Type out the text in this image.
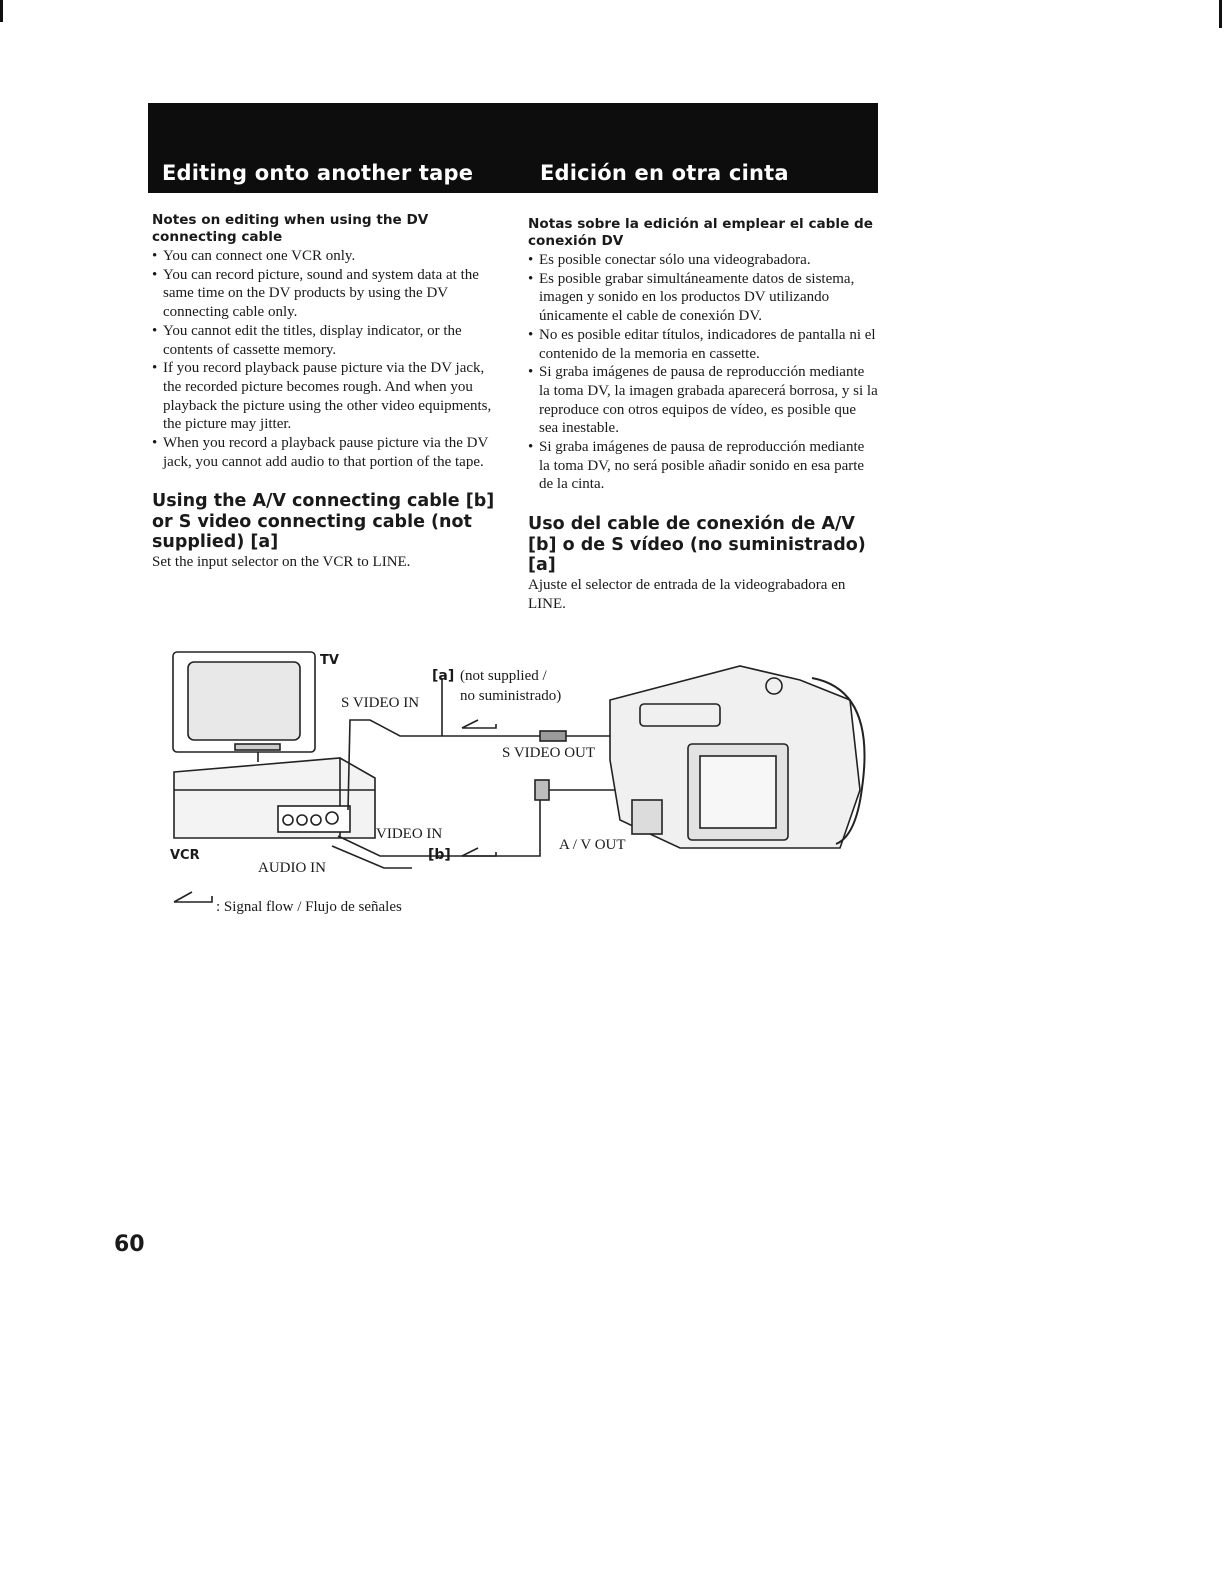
Editing onto another tape	Edición en otra cinta

Notes on editing when using the DV connecting cable

• You can connect one VCR only.
• You can record picture, sound and system data at the same time on the DV products by using the DV connecting cable only.
• You cannot edit the titles, display indicator, or the contents of cassette memory.
• If you record playback pause picture via the DV jack, the recorded picture becomes rough. And when you playback the picture using the other video equipments, the picture may jitter.
• When you record a playback pause picture via the DV jack, you cannot add audio to that portion of the tape.

Using the A/V connecting cable [b] or S video connecting cable (not supplied) [a]

Set the input selector on the VCR to LINE.

Notas sobre la edición al emplear el cable de conexión DV

• Es posible conectar sólo una videograbadora.
• Es posible grabar simultáneamente datos de sistema, imagen y sonido en los productos DV utilizando únicamente el cable de conexión DV.
• No es posible editar títulos, indicadores de pantalla ni el contenido de la memoria en cassette.
• Si graba imágenes de pausa de reproducción mediante la toma DV, la imagen grabada aparecerá borrosa, y si la reproduce con otros equipos de vídeo, es posible que sea inestable.
• Si graba imágenes de pausa de reproducción mediante la toma DV, no será posible añadir sonido en esa parte de la cinta.

Uso del cable de conexión de A/V [b] o de S vídeo (no suministrado) [a]

Ajuste el selector de entrada de la videograbadora en LINE.

TV
[a] (not supplied /
no suministrado)
S VIDEO IN
S VIDEO OUT
VIDEO IN
[b]
VCR
AUDIO IN
A / V OUT
: Signal flow / Flujo de señales
60
